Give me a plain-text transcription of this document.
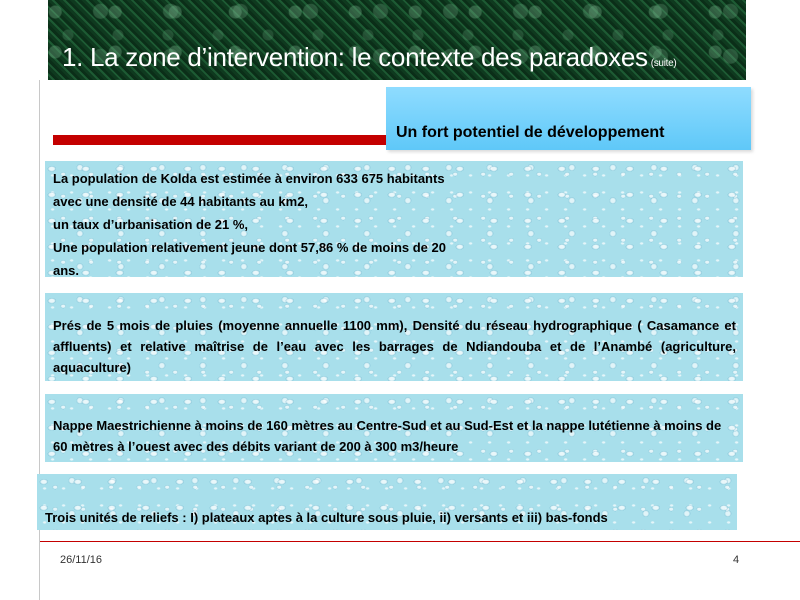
1. La zone d’intervention: le contexte des paradoxes (suite)
Un fort potentiel de développement
La population de Kolda est estimée à environ 633 675 habitants
avec une densité de 44 habitants au km2,
un taux d’urbanisation de 21 %,
Une population relativement jeune dont 57,86 % de moins de 20
ans.
Prés de 5 mois de pluies (moyenne annuelle 1100 mm), Densité du réseau hydrographique ( Casamance et affluents) et relative maîtrise de l’eau avec les barrages de Ndiandouba et de l’Anambé (agriculture, aquaculture)
Nappe Maestrichienne à moins de 160 mètres au Centre-Sud et au Sud-Est et la nappe lutétienne à moins de 60 mètres à l’ouest avec des débits variant de 200 à 300 m3/heure
Trois unités de reliefs : I) plateaux aptes à la culture sous pluie, ii) versants et iii) bas-fonds
26/11/16	4
